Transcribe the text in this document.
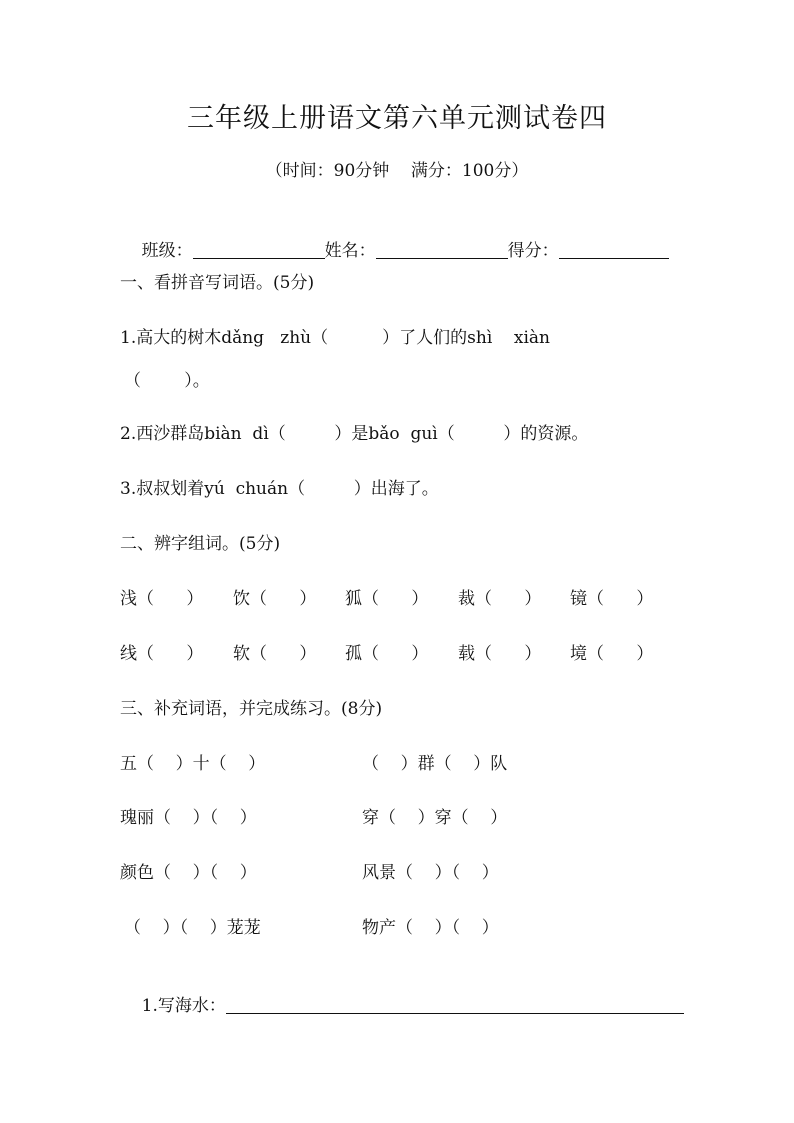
三年级上册语文第六单元测试卷四
（时间：90分钟    满分：100分）

班级：	姓名：	得分：

一、看拼音写词语。(5分)
1.高大的树木dǎng   zhù（          ）了人们的shì    xiàn
（        ）。
2.西沙群岛biàn  dì（         ）是bǎo  guì（         ）的资源。
3.叔叔划着yú  chuán（         ）出海了。
二、辨字组词。(5分)
浅（      ） 饮（      ） 狐（      ） 裁（      ） 镜（      ）
线（      ） 软（      ） 孤（      ） 载（      ） 境（      ）
三、补充词语，并完成练习。(8分)
五（    ）十（    ）	（    ）群（    ）队
瑰丽（    ）（    ）	穿（    ）穿（    ）
颜色（    ）（    ）	风景（    ）（    ）
（    ）（    ）茏茏	物产（    ）（    ）

1.写海水：
